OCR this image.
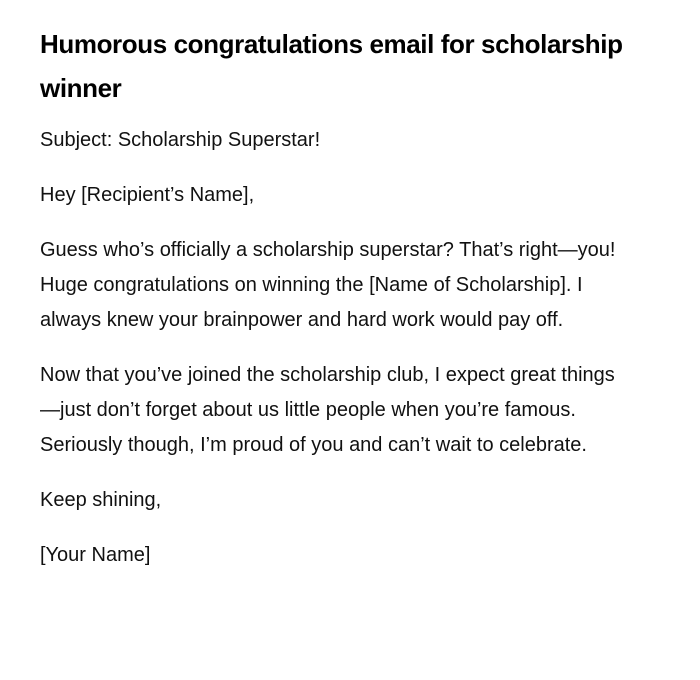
Humorous congratulations email for scholarship winner

Subject: Scholarship Superstar!

Hey [Recipient’s Name],

Guess who’s officially a scholarship superstar? That’s right—you! Huge congratulations on winning the [Name of Scholarship]. I always knew your brainpower and hard work would pay off.

Now that you’ve joined the scholarship club, I expect great things—just don’t forget about us little people when you’re famous. Seriously though, I’m proud of you and can’t wait to celebrate.

Keep shining,

[Your Name]
